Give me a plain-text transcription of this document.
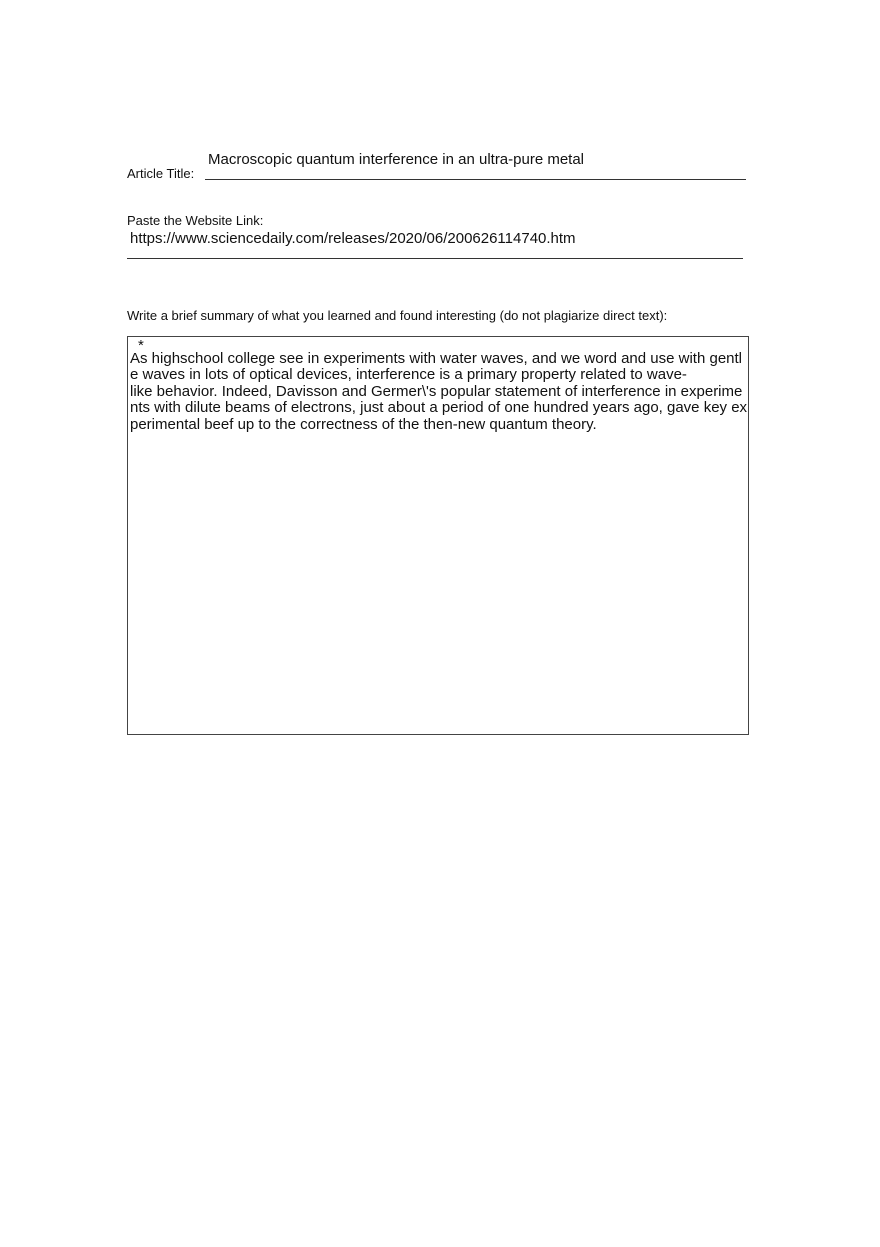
Article Title:
Macroscopic quantum interference in an ultra-pure metal
Paste the Website Link:
https://www.sciencedaily.com/releases/2020/06/200626114740.htm
Write a brief summary of what you learned and found interesting (do not plagiarize direct text):
*
As highschool college see in experiments with water waves, and we word and use with gentl
e waves in lots of optical devices, interference is a primary property related to wave-
like behavior. Indeed, Davisson and Germer\'s popular statement of interference in experime
nts with dilute beams of electrons, just about a period of one hundred years ago, gave key ex
perimental beef up to the correctness of the then-new quantum theory.
